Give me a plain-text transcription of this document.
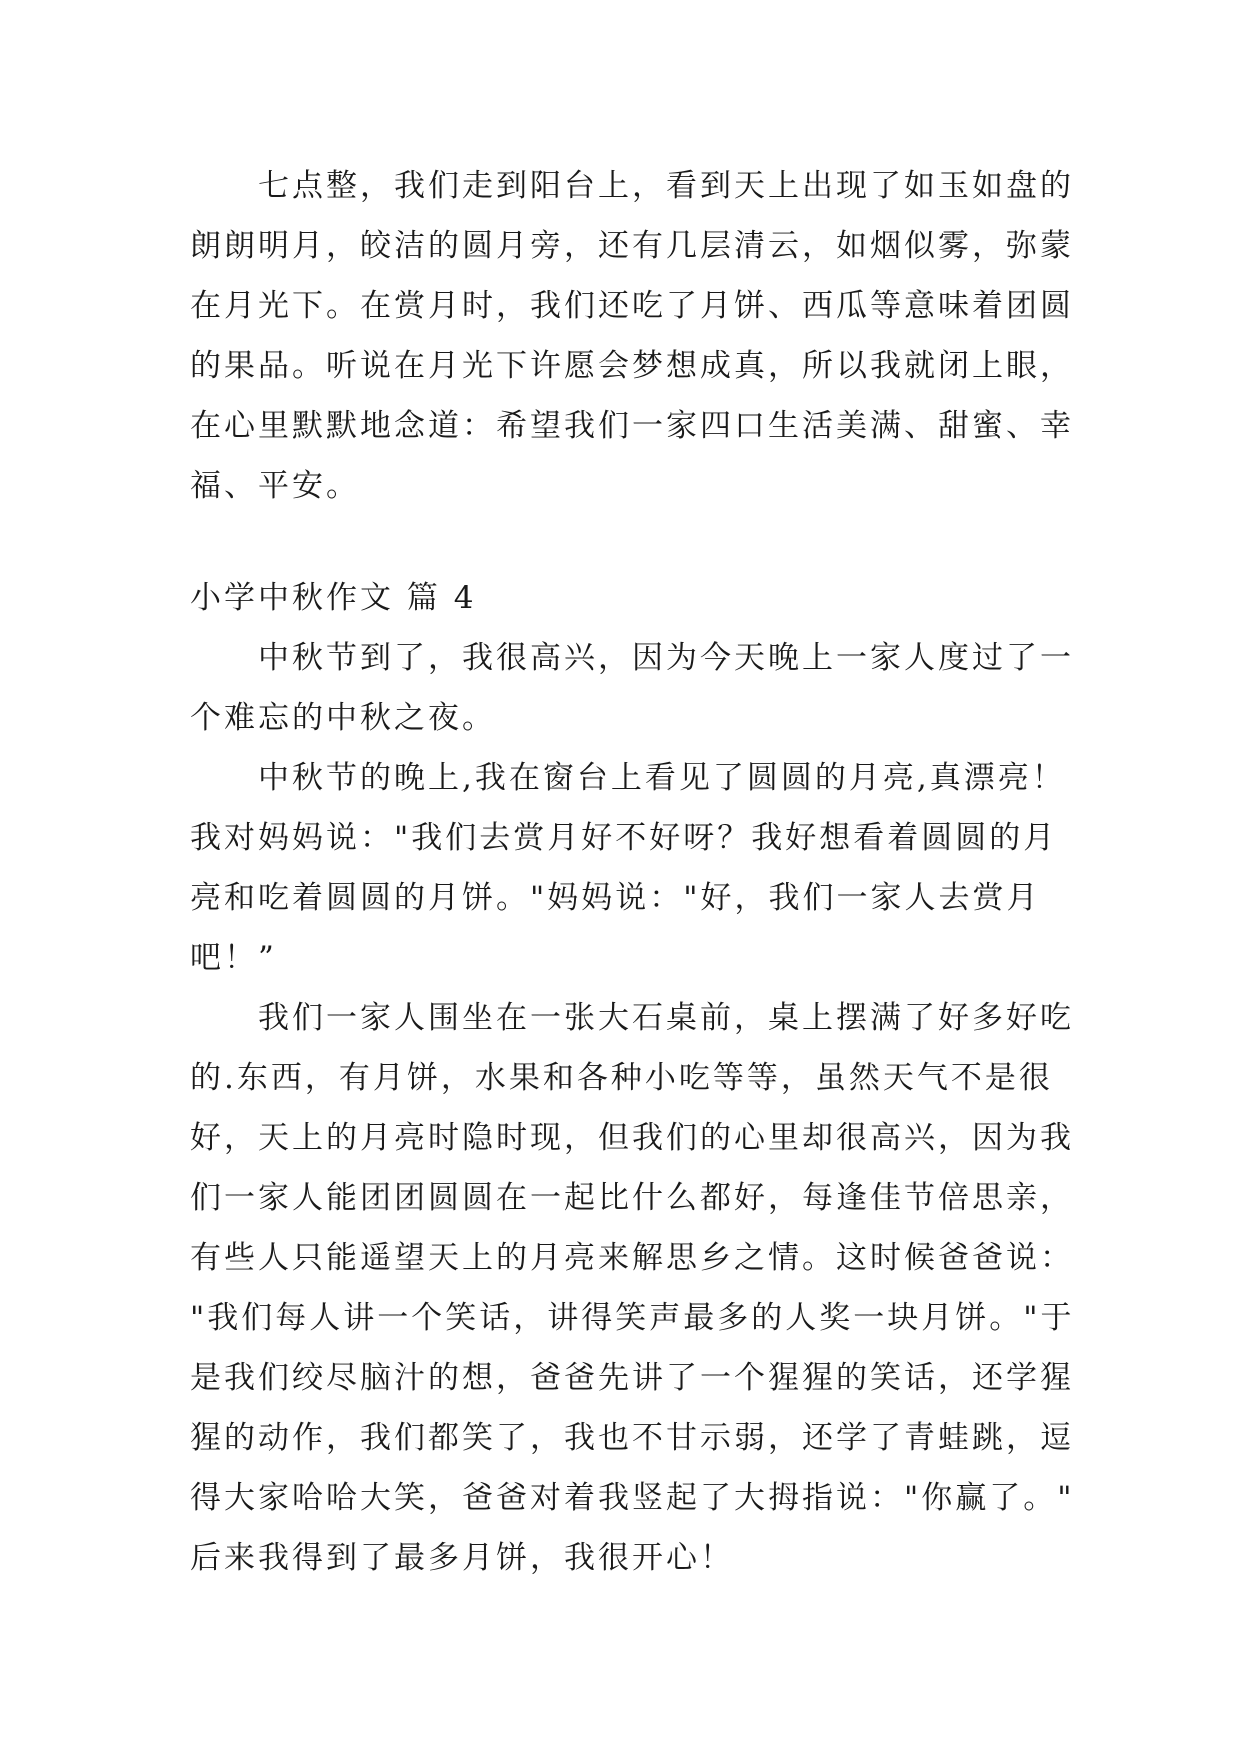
七点整，我们走到阳台上，看到天上出现了如玉如盘的
朗朗明月，皎洁的圆月旁，还有几层清云，如烟似雾，弥蒙
在月光下。在赏月时，我们还吃了月饼、西瓜等意味着团圆
的果品。听说在月光下许愿会梦想成真，所以我就闭上眼，
在心里默默地念道：希望我们一家四口生活美满、甜蜜、幸
福、平安。
小学中秋作文 篇 4
中秋节到了，我很高兴，因为今天晚上一家人度过了一
个难忘的中秋之夜。
中秋节的晚上,我在窗台上看见了圆圆的月亮,真漂亮！
我对妈妈说："我们去赏月好不好呀？我好想看着圆圆的月
亮和吃着圆圆的月饼。"妈妈说："好，我们一家人去赏月
吧！”
我们一家人围坐在一张大石桌前，桌上摆满了好多好吃
的.东西，有月饼，水果和各种小吃等等，虽然天气不是很
好，天上的月亮时隐时现，但我们的心里却很高兴，因为我
们一家人能团团圆圆在一起比什么都好，每逢佳节倍思亲，
有些人只能遥望天上的月亮来解思乡之情。这时候爸爸说：
"我们每人讲一个笑话，讲得笑声最多的人奖一块月饼。"于
是我们绞尽脑汁的想，爸爸先讲了一个猩猩的笑话，还学猩
猩的动作，我们都笑了，我也不甘示弱，还学了青蛙跳，逗
得大家哈哈大笑，爸爸对着我竖起了大拇指说："你赢了。"
后来我得到了最多月饼，我很开心！
